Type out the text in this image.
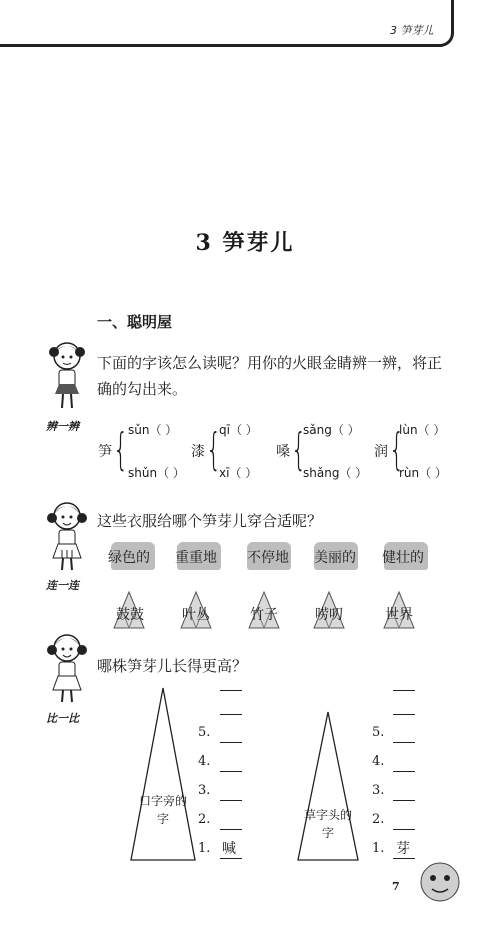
3 笋芽儿
3 笋芽儿
一、聪明屋
辨一辨
下面的字该怎么读呢？用你的火眼金睛辨一辨，将正
确的勾出来。
笋 { sǔn（ ）
shǔn（ ）
漆 {
qī（ ）
xī（ ）
嗓 {
sǎng（ ）
shǎng（ ）
润 {
lùn（ ）
rùn（ ）
连一连
这些衣服给哪个笋芽儿穿合适呢？
绿色的 重重地 不停地 美丽的 健壮的
鼓鼓	叶丛	竹子	唠叨	世界
比一比
哪株笋芽儿长得更高？
口字旁的字
1. 喊
2.
3.
4.
5.
草字头的字
1. 芽
2.
3.
4.
5.
7
